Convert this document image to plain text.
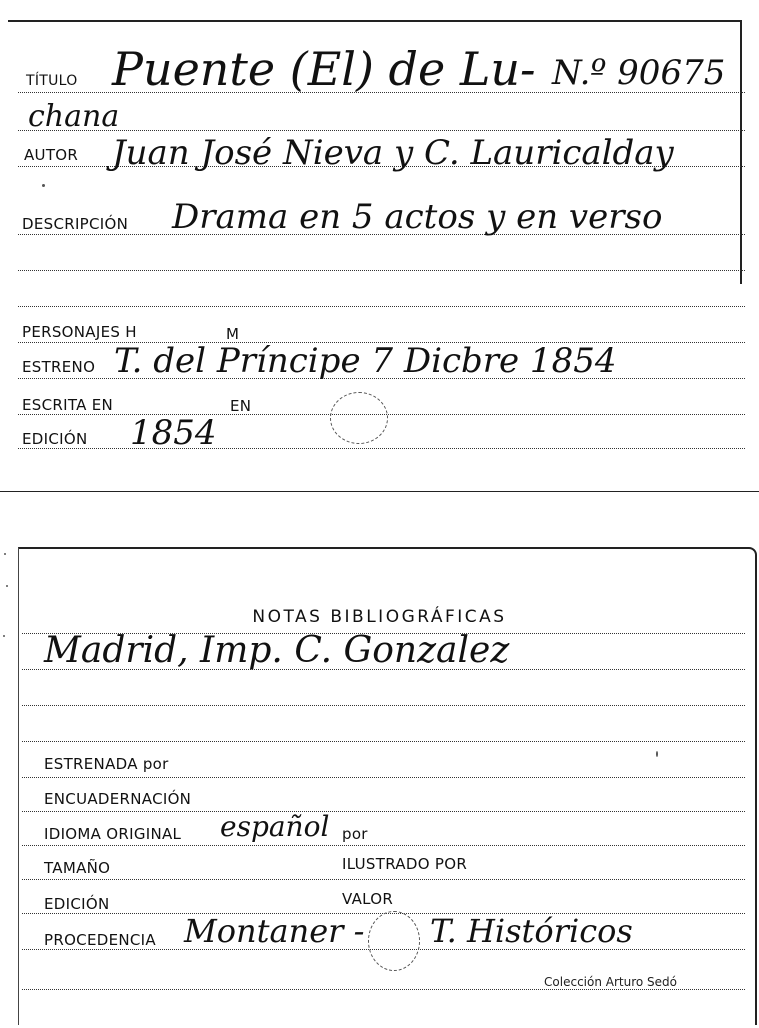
TÍTULO Puente (El) de Lu- N.º 90675
chana
AUTOR Juan José Nieva y C. Lauricalday
DESCRIPCIÓN Drama en 5 actos y en verso
PERSONAJES H	M
ESTRENO T. del Príncipe 7 Dicbre 1854
ESCRITA EN	EN
EDICIÓN 1854
NOTAS BIBLIOGRÁFICAS
Madrid, Imp. C. Gonzalez
ESTRENADA por
ENCUADERNACIÓN
IDIOMA ORIGINAL español por
TAMAÑO	ILUSTRADO POR
EDICIÓN	VALOR
PROCEDENCIA Montaner - T. Históricos
Colección Arturo Sedó
